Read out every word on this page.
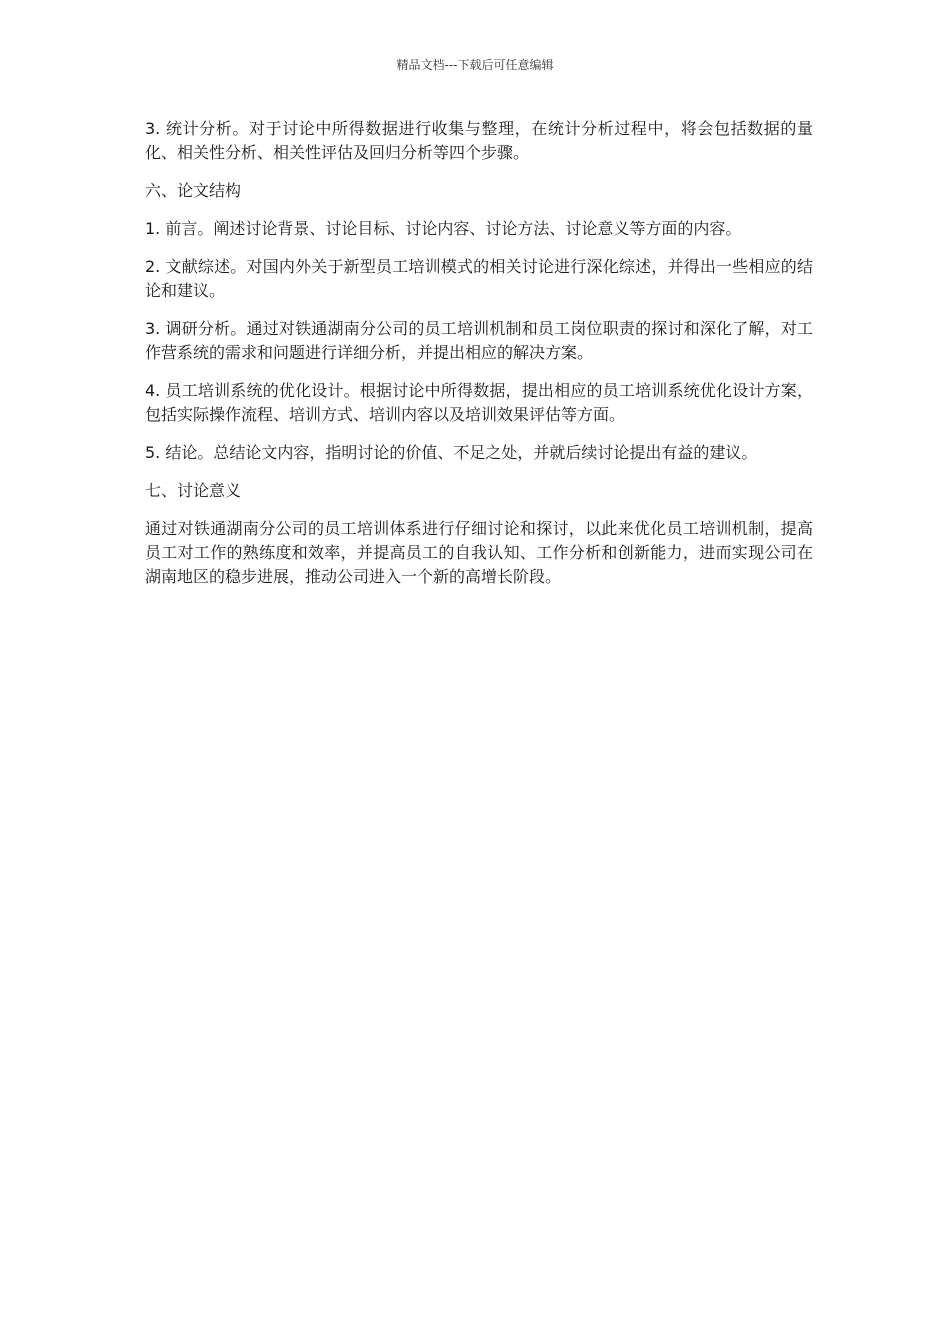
精品文档---下载后可任意编辑

3. 统计分析。对于讨论中所得数据进行收集与整理，在统计分析过程中，将会包括数据的量化、相关性分析、相关性评估及回归分析等四个步骤。

六、论文结构

1. 前言。阐述讨论背景、讨论目标、讨论内容、讨论方法、讨论意义等方面的内容。

2. 文献综述。对国内外关于新型员工培训模式的相关讨论进行深化综述，并得出一些相应的结论和建议。

3. 调研分析。通过对铁通湖南分公司的员工培训机制和员工岗位职责的探讨和深化了解，对工作营系统的需求和问题进行详细分析，并提出相应的解决方案。

4. 员工培训系统的优化设计。根据讨论中所得数据，提出相应的员工培训系统优化设计方案，包括实际操作流程、培训方式、培训内容以及培训效果评估等方面。

5. 结论。总结论文内容，指明讨论的价值、不足之处，并就后续讨论提出有益的建议。

七、讨论意义

通过对铁通湖南分公司的员工培训体系进行仔细讨论和探讨，以此来优化员工培训机制，提高员工对工作的熟练度和效率，并提高员工的自我认知、工作分析和创新能力，进而实现公司在湖南地区的稳步进展，推动公司进入一个新的高增长阶段。
